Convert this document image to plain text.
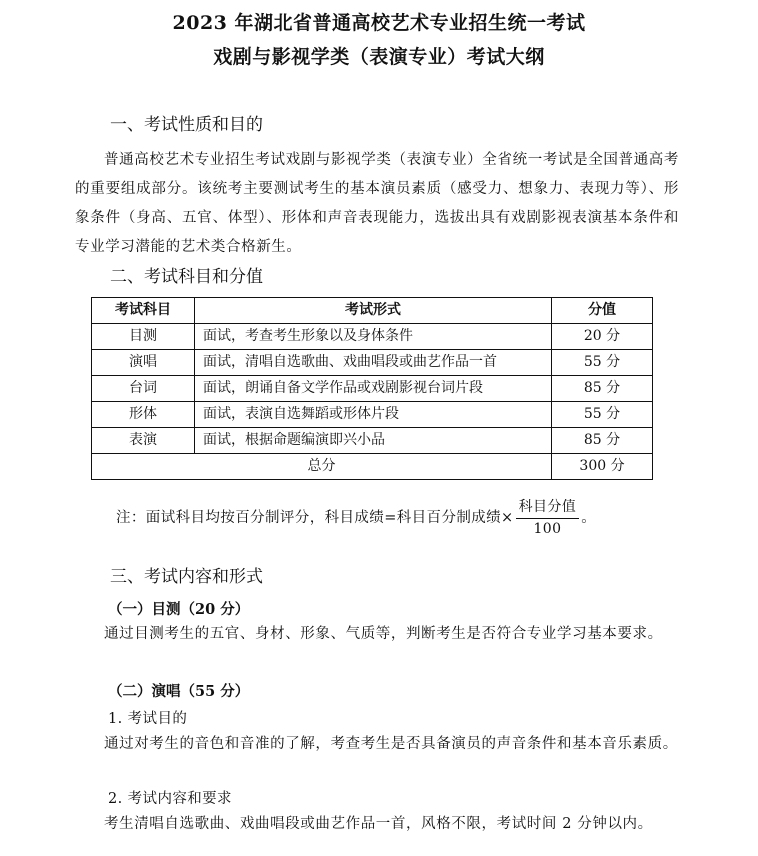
2023 年湖北省普通高校艺术专业招生统一考试
戏剧与影视学类（表演专业）考试大纲
一、考试性质和目的
普通高校艺术专业招生考试戏剧与影视学类（表演专业）全省统一考试是全国普通高考的重要组成部分。该统考主要测试考生的基本演员素质（感受力、想象力、表现力等）、形象条件（身高、五官、体型）、形体和声音表现能力，选拔出具有戏剧影视表演基本条件和专业学习潜能的艺术类合格新生。
二、考试科目和分值
考试科目	考试形式	分值
目测	面试，考查考生形象以及身体条件	20 分
演唱	面试，清唱自选歌曲、戏曲唱段或曲艺作品一首	55 分
台词	面试，朗诵自备文学作品或戏剧影视台词片段	85 分
形体	面试，表演自选舞蹈或形体片段	55 分
表演	面试，根据命题编演即兴小品	85 分
总分		300 分
注：面试科目均按百分制评分，科目成绩=科目百分制成绩× $\frac{\text{科目分值}}{100}$ 。
三、考试内容和形式
（一）目测（20 分）
通过目测考生的五官、身材、形象、气质等，判断考生是否符合专业学习基本要求。
（二）演唱（55 分）
1. 考试目的
通过对考生的音色和音准的了解，考查考生是否具备演员的声音条件和基本音乐素质。
2. 考试内容和要求
考生清唱自选歌曲、戏曲唱段或曲艺作品一首，风格不限，考试时间 2 分钟以内。
